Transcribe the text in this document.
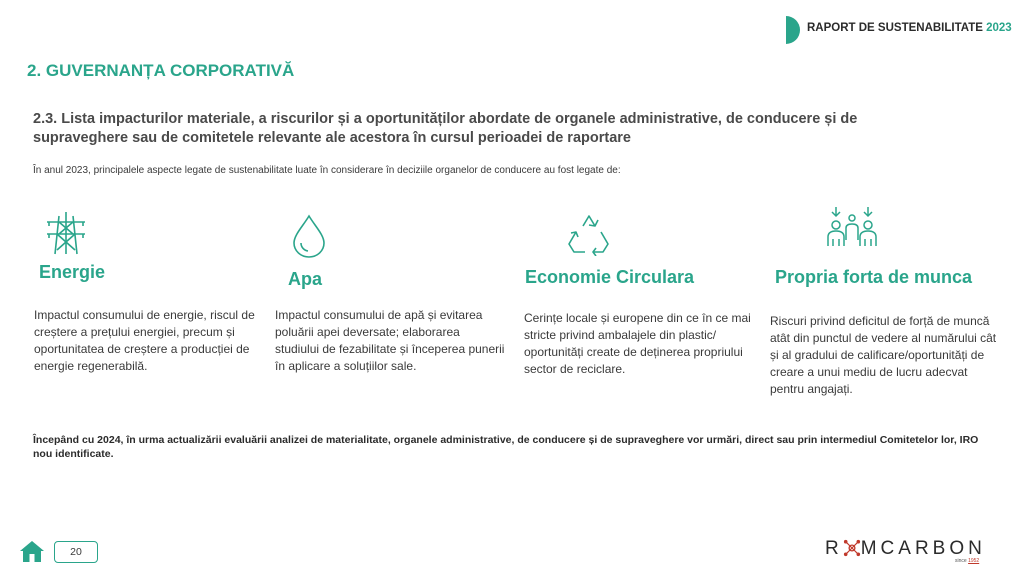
RAPORT DE SUSTENABILITATE 2023
2. GUVERNANȚA CORPORATIVĂ
2.3. Lista impacturilor materiale, a riscurilor și a oportunităților abordate de organele administrative, de conducere și de supraveghere sau de comitetele relevante ale acestora în cursul perioadei de raportare
În anul 2023, principalele aspecte legate de sustenabilitate luate în considerare în deciziile organelor de conducere au fost legate de:
Energie
Impactul consumului de energie, riscul de creștere a prețului energiei, precum și oportunitatea de creștere a producției de energie regenerabilă.
Apa
Impactul consumului de apă și evitarea poluării apei deversate; elaborarea studiului de fezabilitate și începerea punerii în aplicare a soluțiilor sale.
Economie Circulara
Cerințe locale și europene din ce în ce mai stricte privind ambalajele din plastic/ oportunități create de deținerea propriului sector de reciclare.
Propria forta de munca
Riscuri privind deficitul de forță de muncă atât din punctul de vedere al numărului cât și al gradului de calificare/oportunități de creare a unui mediu de lucru adecvat pentru angajați.
Începând cu 2024, în urma actualizării evaluării analizei de materialitate, organele administrative, de conducere și de supraveghere vor urmări, direct sau prin intermediul Comitetelor lor, IRO nou identificate.
20	R MCARBON
since 1952
